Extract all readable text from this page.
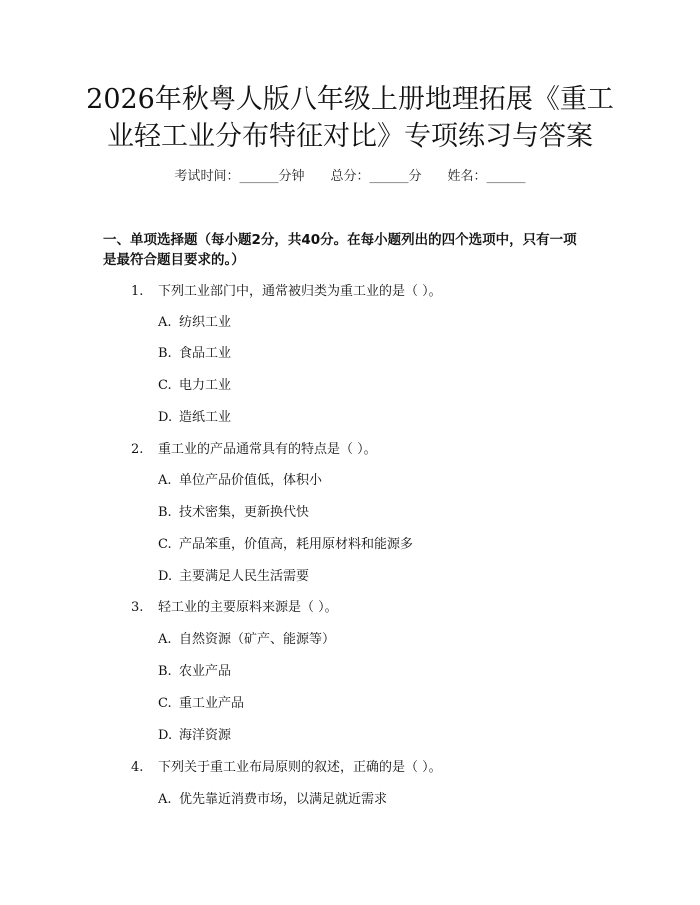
2026年秋粤人版八年级上册地理拓展《重工
业轻工业分布特征对比》专项练习与答案
考试时间：______分钟 总分：______分 姓名：______
一、单项选择题（每小题2分，共40分。在每小题列出的四个选项中，只有一项
是最符合题目要求的。）
1. 下列工业部门中，通常被归类为重工业的是（ ）。
A. 纺织工业
B. 食品工业
C. 电力工业
D. 造纸工业
2. 重工业的产品通常具有的特点是（ ）。
A. 单位产品价值低，体积小
B. 技术密集，更新换代快
C. 产品笨重，价值高，耗用原材料和能源多
D. 主要满足人民生活需要
3. 轻工业的主要原料来源是（ ）。
A. 自然资源（矿产、能源等）
B. 农业产品
C. 重工业产品
D. 海洋资源
4. 下列关于重工业布局原则的叙述，正确的是（ ）。
A. 优先靠近消费市场，以满足就近需求
